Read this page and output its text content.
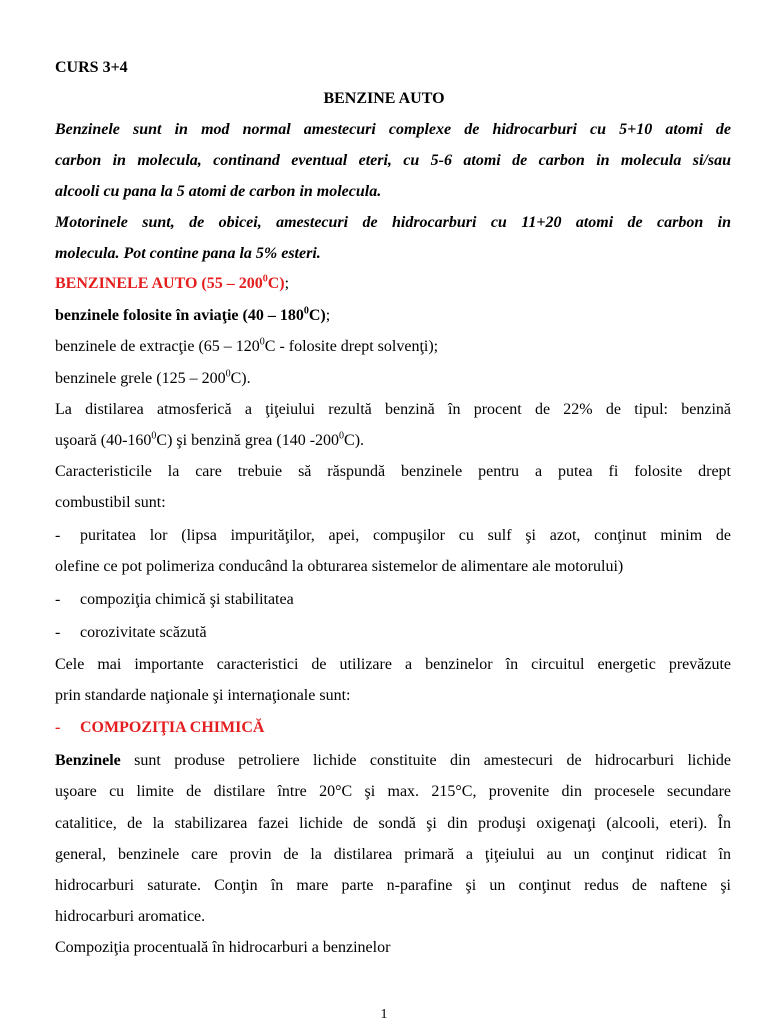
CURS 3+4

BENZINE AUTO

Benzinele sunt in mod normal amestecuri complexe de hidrocarburi cu 5+10 atomi de

carbon in molecula, continand eventual eteri, cu 5-6 atomi de carbon in molecula si/sau

alcooli cu pana la 5 atomi de carbon in molecula.

Motorinele sunt, de obicei, amestecuri de hidrocarburi cu 11+20 atomi de carbon in

molecula. Pot contine pana la 5% esteri.

BENZINELE AUTO $(55 - 200^0C)$;

benzinele folosite în aviaţie $(40 - 180^0C)$;

benzinele de extracţie ($65 - 120^0C$ - folosite drept solvenţi);

benzinele grele $(125 - 200^0C)$.

La distilarea atmosferică a ţiţeiului rezultă benzină în procent de 22% de tipul: benzină

uşoară $(40-160^0C)$ şi benzină grea (140 $-200^0C$).

Caracteristicile la care trebuie să răspundă benzinele pentru a putea fi folosite drept

combustibil sunt:

- puritatea lor (lipsa impurităţilor, apei, compuşilor cu sulf şi azot, conţinut minim de

olefine ce pot polimeriza conducând la obturarea sistemelor de alimentare ale motorului)

- compoziţia chimică şi stabilitatea

- corozivitate scăzută

Cele mai importante caracteristici de utilizare a benzinelor în circuitul energetic prevăzute

prin standarde naţionale şi internaţionale sunt:

- COMPOZIŢIA CHIMICĂ

Benzinele sunt produse petroliere lichide constituite din amestecuri de hidrocarburi lichide

uşoare cu limite de distilare între 20°C şi max. 215°C, provenite din procesele secundare

catalitice, de la stabilizarea fazei lichide de sondă şi din produşi oxigenaţi (alcooli, eteri). În

general, benzinele care provin de la distilarea primară a ţiţeiului au un conţinut ridicat în

hidrocarburi saturate. Conţin în mare parte n-parafine şi un conţinut redus de naftene şi

hidrocarburi aromatice.

Compoziţia procentuală în hidrocarburi a benzinelor

1
